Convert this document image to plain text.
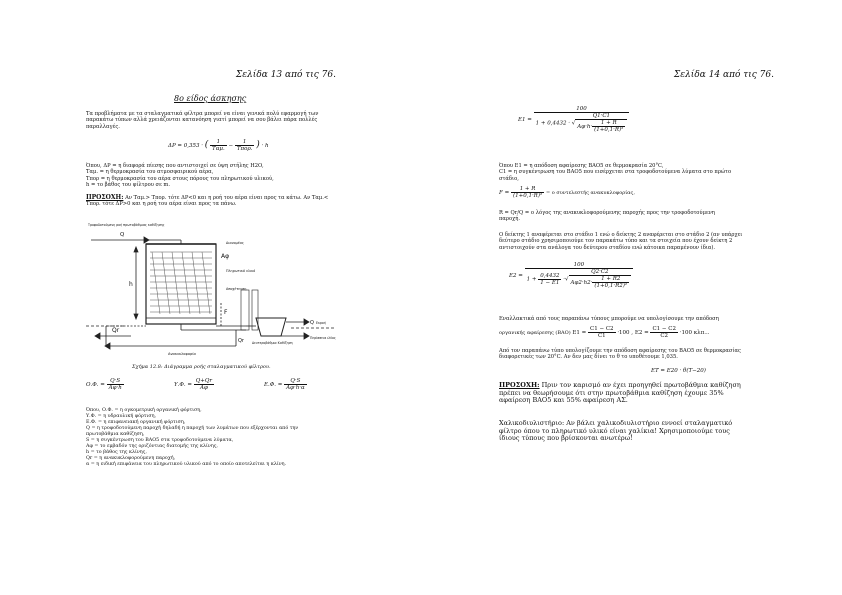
Σελίδα 13 από τις 76.
8ο είδος άσκησης
Τα προβλήματα με τα σταλαγματικά φίλτρα μπορεί να είναι γενικά πολύ εφαρμογή των
παρακάτω τύπων αλλά χρειάζονται κατανόηση γιατί μπορεί να σου βάλει πάρα πολλές
παραλλαγές.
ΔP = 0,353 · ( $\frac{1}{\text{Tαμ.}} - \frac{1}{\text{Tπορ.}}$ ) · h
Όπου, ΔP = η διαφορά πίεσης που αντιστοιχεί σε ύψη στήλης H2O,
Tαμ. = η θερμοκρασία του ατμοσφαιρικού αέρα,
Tπορ = η θερμοκρασία του αέρα στους πόρους του πληρωτικού υλικού,
h = το βάθος του φίλτρου σε m.
ΠΡΟΣΟΧΗ: Αν Tαμ.> Tπορ. τότε ΔP<0 και η ροή του αέρα είναι προς τα κάτω. Αν Tαμ.<
Tπορ. τότε ΔP>0 και η ροή του αέρα είναι προς τα πάνω.
Q
Τροφοδοτούμενη ροή πρωτοβάθμιας καθίζησης
Aφ
h
F
Qr
Διανομέας
Πληρωτικό υλικό
Αποχέτευση
Ανακυκλοφορία
Δευτεροβάθμια Καθίζηση
Q Εκροή
Περίσσεια ιλύος
Qr
Σχήμα 12.8: Διάγραμμα ροής σταλαγματικού φίλτρου.
Ο.Φ. = $\frac{Q\cdot S}{A\varphi\cdot h}$	Υ.Φ. = $\frac{Q+Qr}{A\varphi}$	Ε.Φ. = $\frac{Q\cdot S}{A\varphi\cdot h\cdot\alpha}$
Όπου, Ο.Φ. = η ογκομετρική οργανική φόρτιση,
Υ.Φ. = η υδραυλική φόρτιση,
Ε.Φ. = η επιφανειακή οργανική φόρτιση,
Q = η τροφοδοτούμενη παροχή δηλαδή η παροχή των λυμάτων που εξέρχονται από την
πρωτοβάθμια καθίζηση,
S = η συγκέντρωση του BAO5 στα τροφοδοτούμενα λύματα,
Aφ = το εμβαδόν της οριζόντιας διατομής της κλίνης,
h = το βάθος της κλίνης,
Qr = η ανακυκλοφορούμενη παροχή,
α = η ειδική επιφάνεια του πληρωτικού υλικού από το οποίο αποτελείται η κλίνη.
Σελίδα 14 από τις 76.
$E1 = \frac{100}{1 + 0,4432 \cdot √ \frac{Q1\cdot C1}{A\varphi\cdot h\cdot \frac{1 + R}{\text{(1+0,1·R)²}}}}$
Όπου E1 = η απόδοση αφαίρεσης BAO5 σε θερμοκρασία 20°C,
C1 = η συγκέντρωση του BAO5 που εισέρχεται στα τροφοδοτούμενα λύματα στο πρώτο
στάδιο,
$F = \frac{1 + R}{\text{(1+0,1·R)²}} = o$ συντελεστής ανακυκλοφορίας,
R = Qr/Q = ο λόγος της ανακυκλοφορούμενης παροχής προς την τροφοδοτούμενη
παροχή.
Ο δείκτης 1 αναφέρεται στο στάδιο 1 ενώ ο δείκτης 2 αναφέρεται στο στάδιο 2 (αν υπάρχει
δεύτερο στάδιο χρησιμοποιούμε τον παρακάτω τύπο και τα στοιχεία που έχουν δείκτη 2
αντιστοιχούν στα ανάλογα του δεύτερου σταδίου ενώ κάτοικα παραμένουν ίδια).
E2 =
100
$1 + \frac{0,4432}{1 - E1}$ ·√ $\frac{Q2\cdot C2}{A\varphi 2\cdot h2\cdot \frac{1 + R2}{\text{(1+0,1·R2)²}}}$
Εναλλακτικά από τους παραπάνω τύπους μπορούμε να υπολογίσουμε την απόδοση
οργανικής αφαίρεσης (ΒΑΟ) $E1 = \frac{C1 - C2}{C1} \cdot 100$ , $E2 = \frac{C1 - C2}{C2} \cdot 100$ κλπ...
Από τον παραπάνω τύπο υπολογίζουμε την απόδοση αφαίρεσης του BAO5 σε θερμοκρασίας
διαφορετικές των 20°C. Αν δεν μας δίνει το θ το υποθέτουμε 1,035.
ET = E20 · θ(T−20)
ΠΡΟΣΟΧΗ: Πριν τον καρισμό αν έχει προηγηθεί πρωτοβάθμια καθίζηση
πρέπει να θεωρήσουμε ότι στην πρωτοβάθμια καθίζηση έχουμε 35%
αφαίρεση BAO5 και 55% αφαίρεση ΑΣ.
Χαλικοδιυλιστήριο: Αν βάλει χαλικοδιυλιστήριο εννοεί σταλαγματικό
φίλτρο όπου το πληρωτικό υλικό είναι χαλίκια! Χρησιμοποιούμε τους
ίδιους τύπους που βρίσκονται ανωτέρω!
